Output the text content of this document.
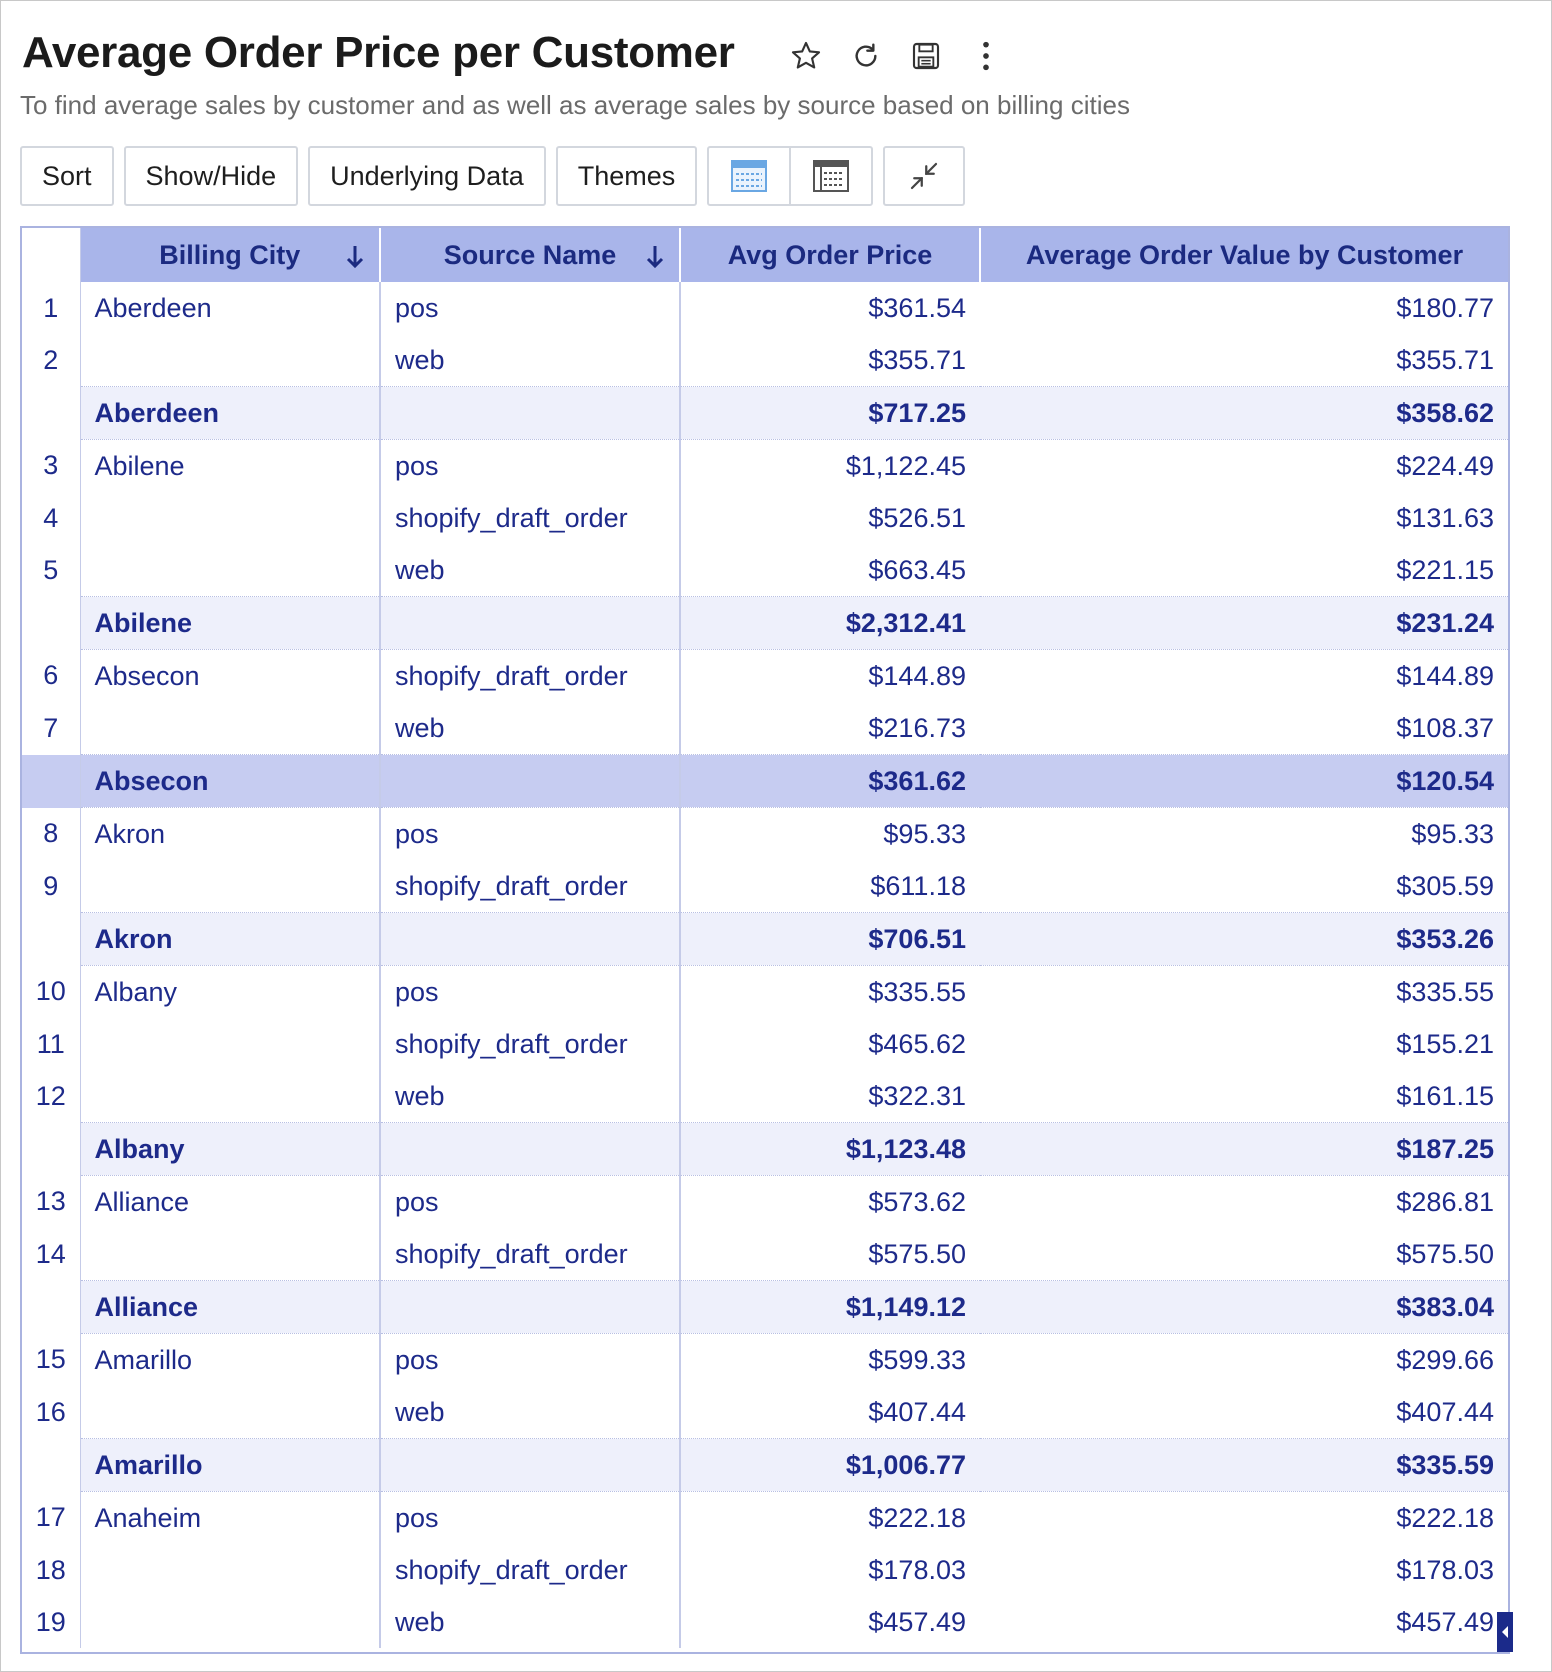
Average Order Price per Customer
To find average sales by customer and as well as average sales by source based on billing cities
Sort	Show/Hide	Underlying Data	Themes
	Billing City	Source Name	Avg Order Price	Average Order Value by Customer
1	Aberdeen	pos	$361.54	$180.77
2		web	$355.71	$355.71
	Aberdeen		$717.25	$358.62
3	Abilene	pos	$1,122.45	$224.49
4		shopify_draft_order	$526.51	$131.63
5		web	$663.45	$221.15
	Abilene		$2,312.41	$231.24
6	Absecon	shopify_draft_order	$144.89	$144.89
7		web	$216.73	$108.37
	Absecon		$361.62	$120.54
8	Akron	pos	$95.33	$95.33
9		shopify_draft_order	$611.18	$305.59
	Akron		$706.51	$353.26
10	Albany	pos	$335.55	$335.55
11		shopify_draft_order	$465.62	$155.21
12		web	$322.31	$161.15
	Albany		$1,123.48	$187.25
13	Alliance	pos	$573.62	$286.81
14		shopify_draft_order	$575.50	$575.50
	Alliance		$1,149.12	$383.04
15	Amarillo	pos	$599.33	$299.66
16		web	$407.44	$407.44
	Amarillo		$1,006.77	$335.59
17	Anaheim	pos	$222.18	$222.18
18		shopify_draft_order	$178.03	$178.03
19		web	$457.49	$457.49
